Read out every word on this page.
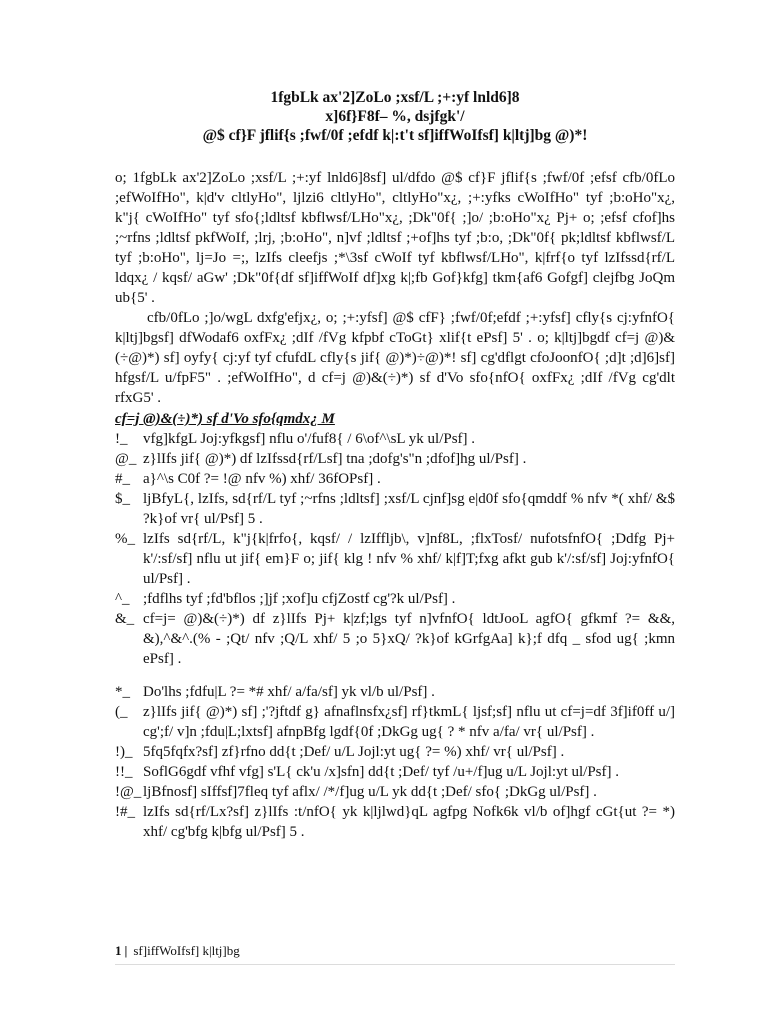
1fgbLk ax'2]ZoLo ;xsf/L ;+:yf lnld6]8
x]6f}F8f– %, dsjfgk'/
@$ cf}F jflif{s ;fwf/0f ;efdf k|:t't sf]iffWoIfsf] k|ltj]bg @)*!

o; 1fgbLk ax'2]ZoLo ;xsf/L ;+:yf lnld6]8sf] ul/dfdo @$ cf}F jflif{s ;fwf/0f ;efsf cfb/0fLo ;efWoIfHo", k|d'v cltlyHo", ljlzi6 cltlyHo", cltlyHo"x¿, ;+:yfks cWoIfHo" tyf ;b:oHo"x¿, k"j{ cWoIfHo" tyf sfo{;ldltsf kbflwsf/LHo"x¿, ;Dk"0f{ ;]o/ ;b:oHo"x¿ Pj+ o; ;efsf cfof]hs ;~rfns ;ldltsf pkfWoIf, ;lrj, ;b:oHo", n]vf ;ldltsf ;+of]hs tyf ;b:o, ;Dk"0f{ pk;ldltsf kbflwsf/L tyf ;b:oHo", lj=Jo =;, lzIfs cleefjs ;*\3sf cWoIf tyf kbflwsf/LHo", k|frf{o tyf lzIfssd{rf/L ldqx¿ / kqsf/ aGw' ;Dk"0f{df sf]iffWoIf df]xg k|;fb Gof}kfg] tkm{af6 Gofgf] clejfbg JoQm ub{5' .

cfb/0fLo ;]o/wgL dxfg'efjx¿, o; ;+:yfsf] @$ cfF} ;fwf/0f;efdf ;+:yfsf] cfly{s cj:yfnfO{ k|ltj]bgsf] dfWodaf6 oxfFx¿ ;dIf /fVg kfpbf cToGt} xlif{t ePsf] 5' . o; k|ltj]bgdf cf=j @)&(÷@)*) sf] oyfy{ cj:yf tyf cfufdL cfly{s jif{ @)*)÷@)*! sf] cg'dflgt cfoJoonfO{ ;d]t ;d]6]sf] hfgsf/L u/fpF5" . ;efWoIfHo", d cf=j @)&(÷)*) sf d'Vo sfo{nfO{ oxfFx¿ ;dIf /fVg cg'dlt rfxG5' .

cf=j @)&(÷)*) sf d'Vo sfo{qmdx¿ M
!_	vfg]kfgL Joj:yfkgsf] nflu o'/fuf8{ / 6\of^\sL yk ul/Psf] .
@_ z}lIfs jif{ @)*) df lzIfssd{rf/Lsf] tna ;dofg's"n ;dfof]hg ul/Psf] .
#_ a}^\s C0f ?= !@ nfv %) xhf/ 36fOPsf] .
$_ ljBfyL{, lzIfs, sd{rf/L tyf ;~rfns ;ldltsf] ;xsf/L cjnf]sg e|d0f sfo{qmddf % nfv *( xhf/ &$ ?k}of vr{ ul/Psf] 5 .
%_ lzIfs sd{rf/L, k"j{k|frfo{, kqsf/ / lzIffljb\, v]nf8L, ;flxTosf/ nufotsfnfO{ ;Ddfg Pj+ k'/:sf/sf] nflu ut jif{ em}F o; jif{ klg ! nfv % xhf/ k|f]T;fxg afkt gub k'/:sf/sf] Joj:yfnfO{ ul/Psf] .
^_ ;fdflhs tyf ;fd'bflos ;]jf ;xof]u cfjZostf cg'?k ul/Psf] .
&_ cf=j= @)&(÷)*) df z}lIfs Pj+ k|zf;lgs tyf n]vfnfO{ ldtJooL agfO{ gfkmf ?= &&, &),^&^.(% - ;Qt/ nfv ;Q/L xhf/ 5 ;o 5}xQ/ ?k}of kGrfgAa] k};f dfq _ sfod ug{ ;kmn ePsf] .
*_ Do'lhs ;fdfu|L ?= *# xhf/ a/fa/sf] yk vl/b ul/Psf] .
(_	z}lIfs jif{ @)*) sf] ;'?jftdf g} afnaflnsfx¿sf] rf}tkmL{ ljsf;sf] nflu ut cf=j=df 3f]if0ff u/] cg';f/ v]n ;fdu|L;lxtsf] afnpBfg lgdf{0f ;DkGg ug{ ? * nfv a/fa/ vr{ ul/Psf] .
!)_ 5fq5fqfx?sf] zf}rfno dd{t ;Def/ u/L Jojl:yt ug{ ?= %) xhf/ vr{ ul/Psf] .
!!_ SoflG6gdf vfhf vfg] s'L{ ck'u /x]sfn] dd{t ;Def/ tyf /u+/f]ug u/L Jojl:yt ul/Psf] .
!@_ ljBfnosf] sIffsf]7fleq tyf aflx/ /*/f]ug u/L yk dd{t ;Def/ sfo{ ;DkGg ul/Psf] .
!#_ lzIfs sd{rf/Lx?sf] z}lIfs :t/nfO{ yk k|ljlwd}qL agfpg Nofk6k vl/b of]hgf cGt{ut ?= *) xhf/ cg'bfg k|bfg ul/Psf] 5 .
1 | sf]iffWoIfsf] k|ltj]bg
